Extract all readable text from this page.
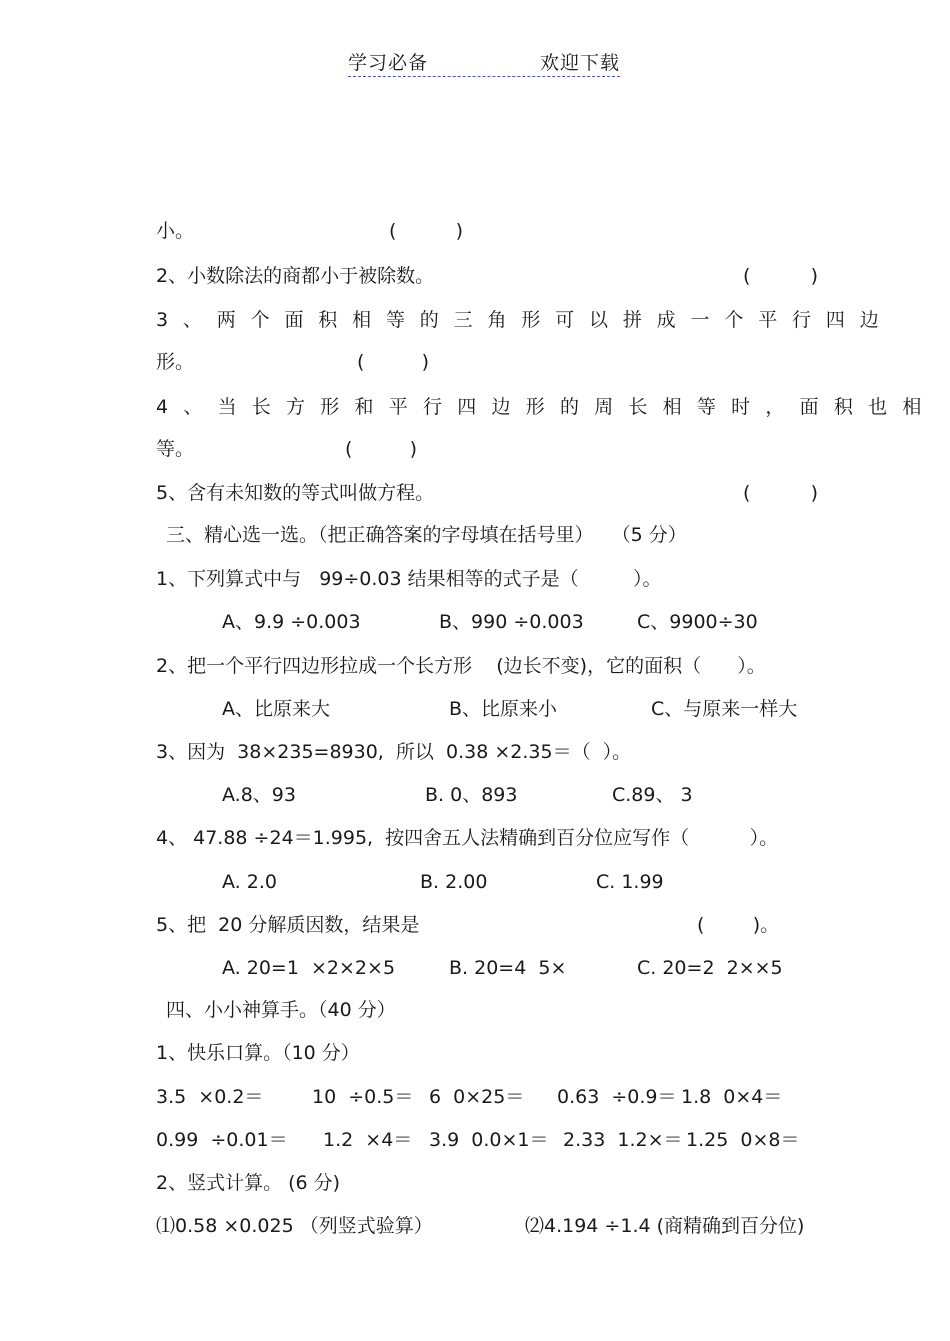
学习必备	欢迎下载
小。	(	)
2、小数除法的商都小于被除数。	(	)
3 、 两 个 面 积 相 等 的 三 角 形 可 以 拼 成 一 个 平 行 四 边
形。	(	)
4 、 当 长 方 形 和 平 行 四 边 形 的 周 长 相 等 时 ， 面 积 也 相
等。	(	)
5、含有未知数的等式叫做方程。	(	)
三、精心选一选。（把正确答案的字母填在括号里）   （5 分）
1、下列算式中与   99÷0.03 结果相等的式子是（         ）。
A、9.9 ÷0.003	B、990 ÷0.003	C、9900÷30
2、把一个平行四边形拉成一个长方形    (边长不变)，它的面积（      ）。
A、比原来大	B、比原来小	C、与原来一样大
3、因为  38×235=8930,  所以  0.38 ×2.35＝（  ）。
A.8、93	B. 0、893	C.89、 3
4、 47.88 ÷24＝1.995,  按四舍五人法精确到百分位应写作（          ）。
A. 2.0	B. 2.00	C. 1.99
5、把  20 分解质因数，结果是	(        )。
A. 20=1  ×2×2×5	B. 20=4  5×	C. 20=2  2××5
四、小小神算手。（40 分）
1、快乐口算。（10 分）
3.5  ×0.2＝	10  ÷0.5＝ 6  0×25＝ 0.63  ÷0.9＝ 1.8  0×4＝
0.99  ÷0.01＝ 1.2  ×4＝ 3.9  0.0×1＝ 2.33  1.2×＝ 1.25  0×8＝
2、竖式计算。 (6 分)
⑴0.58 ×0.025 （列竖式验算）	⑵4.194 ÷1.4 (商精确到百分位)
